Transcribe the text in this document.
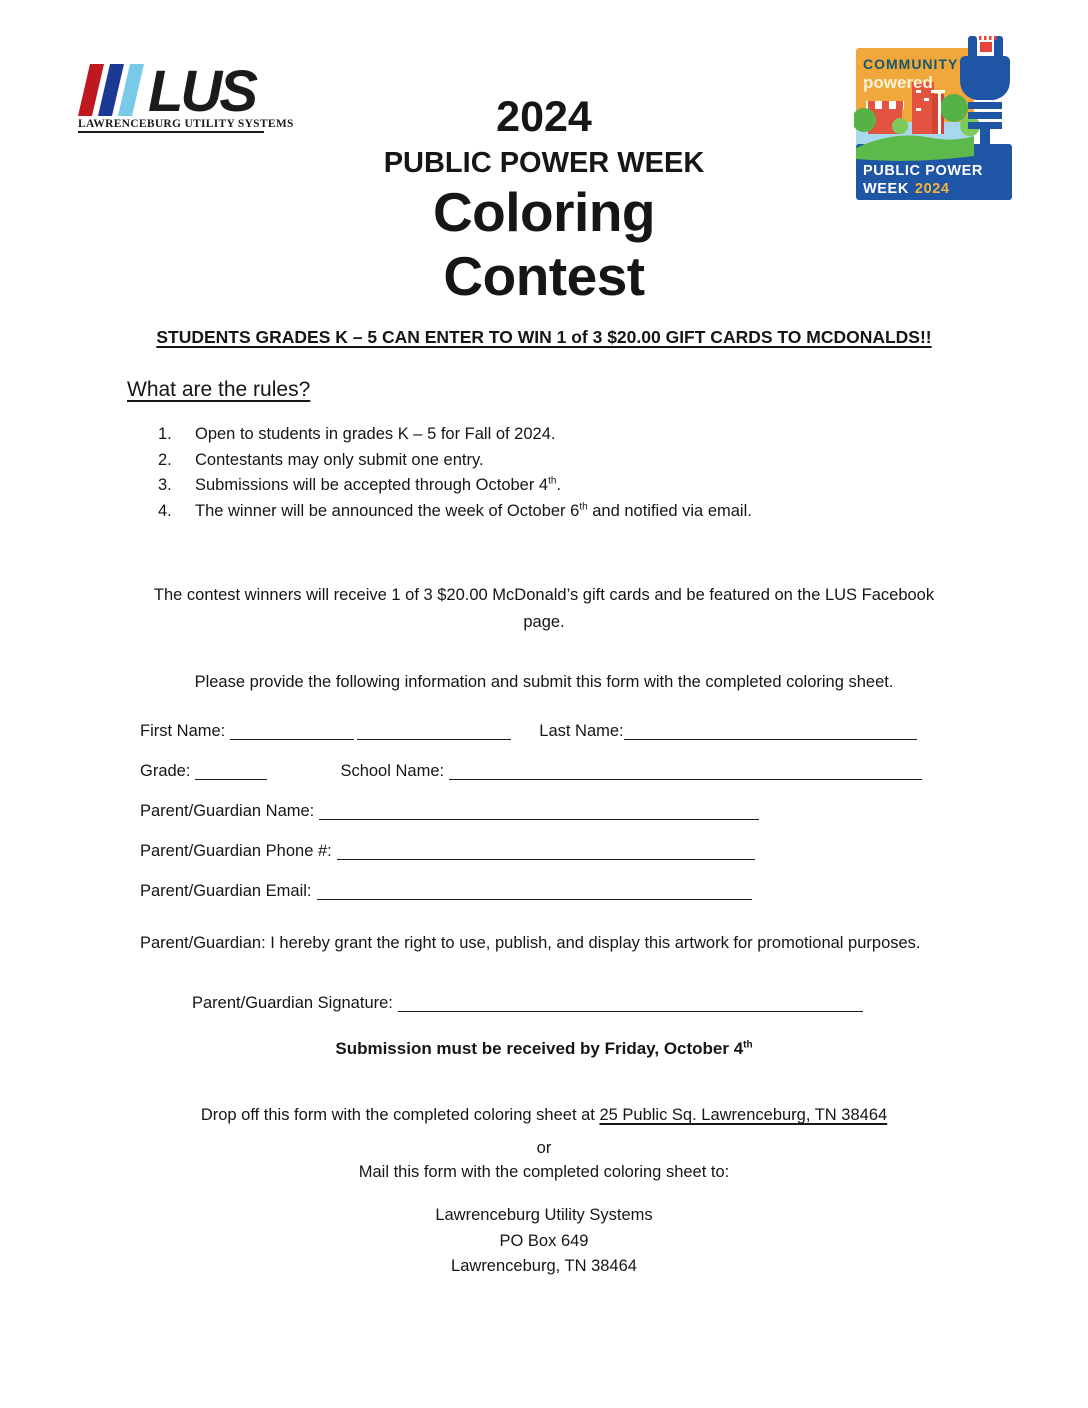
LUS
LAWRENCEBURG UTILITY SYSTEMS
COMMUNITY
powered
PUBLIC POWER
WEEK 2024
2024
PUBLIC POWER WEEK
Coloring
Contest
STUDENTS GRADES K – 5 CAN ENTER TO WIN 1 of 3 $20.00 GIFT CARDS TO MCDONALDS!!
What are the rules?
1.	Open to students in grades K – 5 for Fall of 2024.
2.	Contestants may only submit one entry.
3.	Submissions will be accepted through October 4th.
4.	The winner will be announced the week of October 6th and notified via email.
The contest winners will receive 1 of 3 $20.00 McDonald’s gift cards and be featured on the LUS Facebook page.
Please provide the following information and submit this form with the completed coloring sheet.
First Name:	Last Name:
Grade:	School Name:
Parent/Guardian Name:
Parent/Guardian Phone #:
Parent/Guardian Email:
Parent/Guardian: I hereby grant the right to use, publish, and display this artwork for promotional purposes.
Parent/Guardian Signature:
Submission must be received by Friday, October 4th
Drop off this form with the completed coloring sheet at 25 Public Sq. Lawrenceburg, TN 38464
or
Mail this form with the completed coloring sheet to:
Lawrenceburg Utility Systems
PO Box 649
Lawrenceburg, TN 38464
